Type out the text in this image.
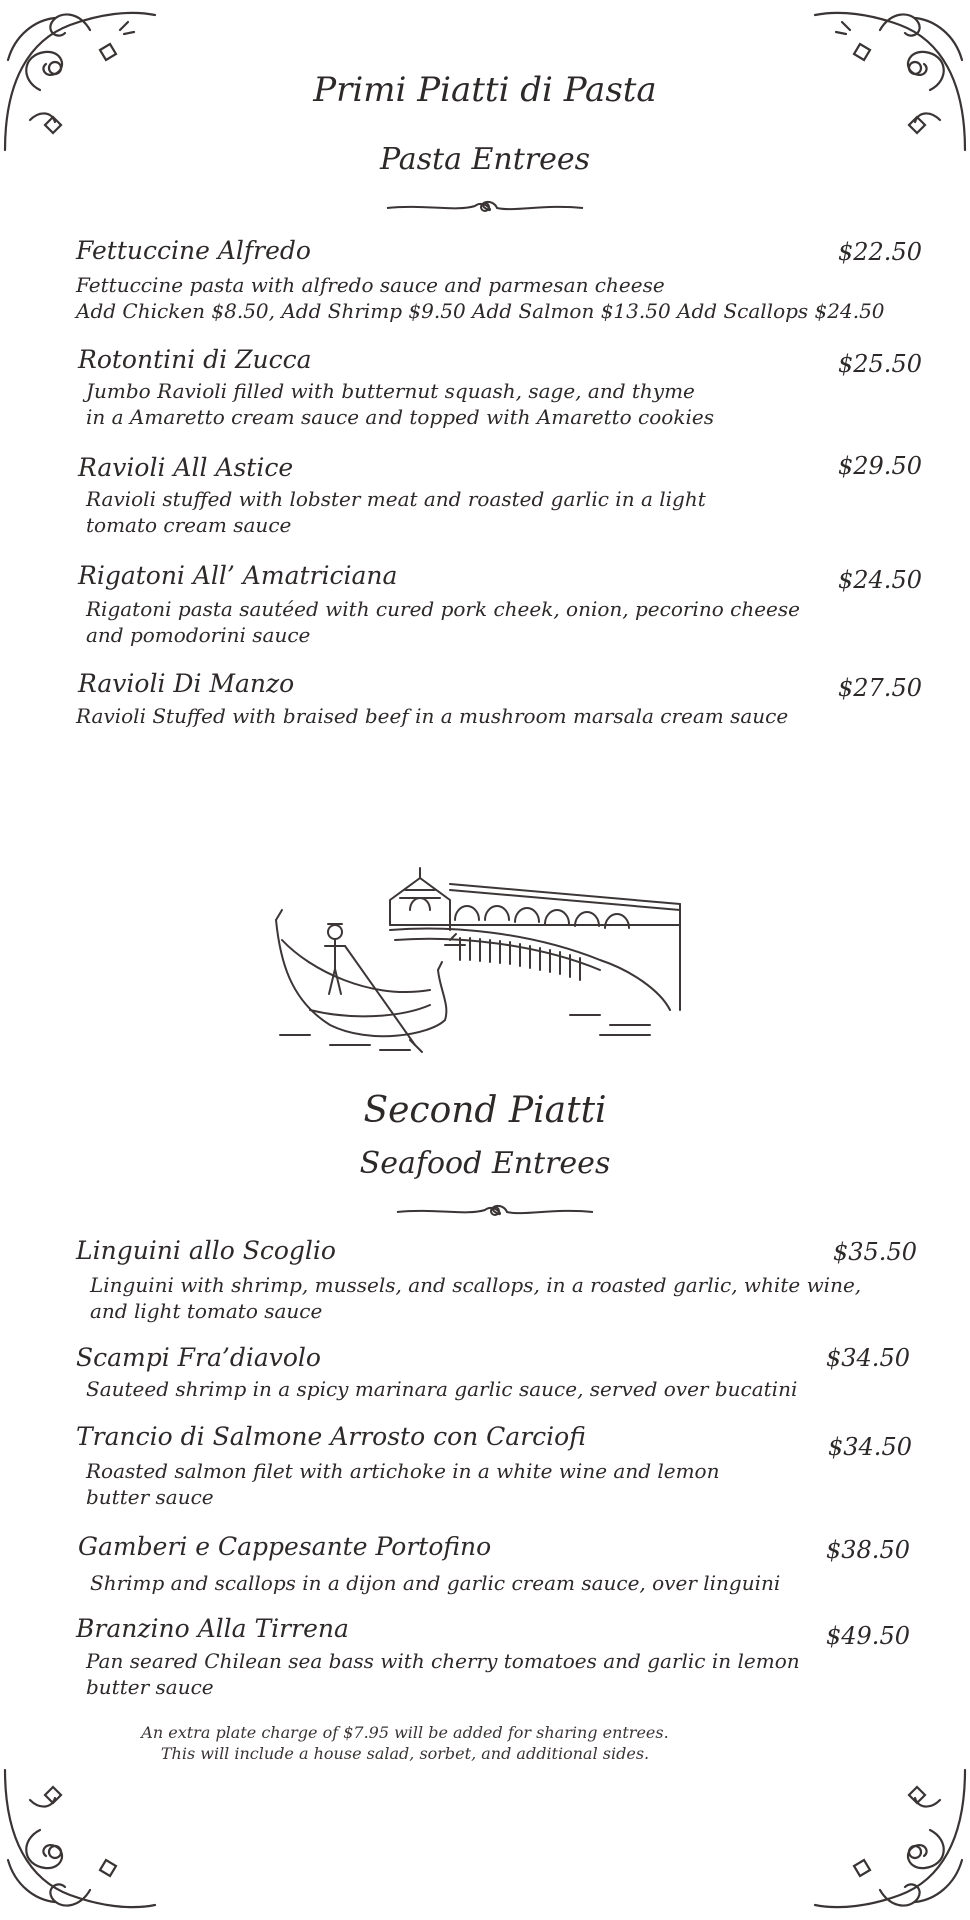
Primi Piatti di Pasta
Pasta Entrees
Fettuccine Alfredo	$22.50
Fettuccine pasta with alfredo sauce and parmesan cheese
Add Chicken $8.50, Add Shrimp $9.50 Add Salmon $13.50 Add Scallops $24.50
Rotontini di Zucca	$25.50
Jumbo Ravioli filled with butternut squash, sage, and thyme
in a Amaretto cream sauce and topped with Amaretto cookies
Ravioli All Astice	$29.50
Ravioli stuffed with lobster meat and roasted garlic in a light
tomato cream sauce
Rigatoni All’ Amatriciana	$24.50
Rigatoni pasta sautéed with cured pork cheek, onion, pecorino cheese
and pomodorini sauce
Ravioli Di Manzo	$27.50
Ravioli Stuffed with braised beef in a mushroom marsala cream sauce
Second Piatti
Seafood Entrees
Linguini allo Scoglio	$35.50
Linguini with shrimp, mussels, and scallops, in a roasted garlic, white wine,
and light tomato sauce
Scampi Fra’diavolo	$34.50
Sauteed shrimp in a spicy marinara garlic sauce, served over bucatini
Trancio di Salmone Arrosto con Carciofi	$34.50
Roasted salmon filet with artichoke in a white wine and lemon
butter sauce
Gamberi e Cappesante Portofino	$38.50
Shrimp and scallops in a dijon and garlic cream sauce, over linguini
Branzino Alla Tirrena	$49.50
Pan seared Chilean sea bass with cherry tomatoes and garlic in lemon
butter sauce
An extra plate charge of $7.95 will be added for sharing entrees.
This will include a house salad, sorbet, and additional sides.
